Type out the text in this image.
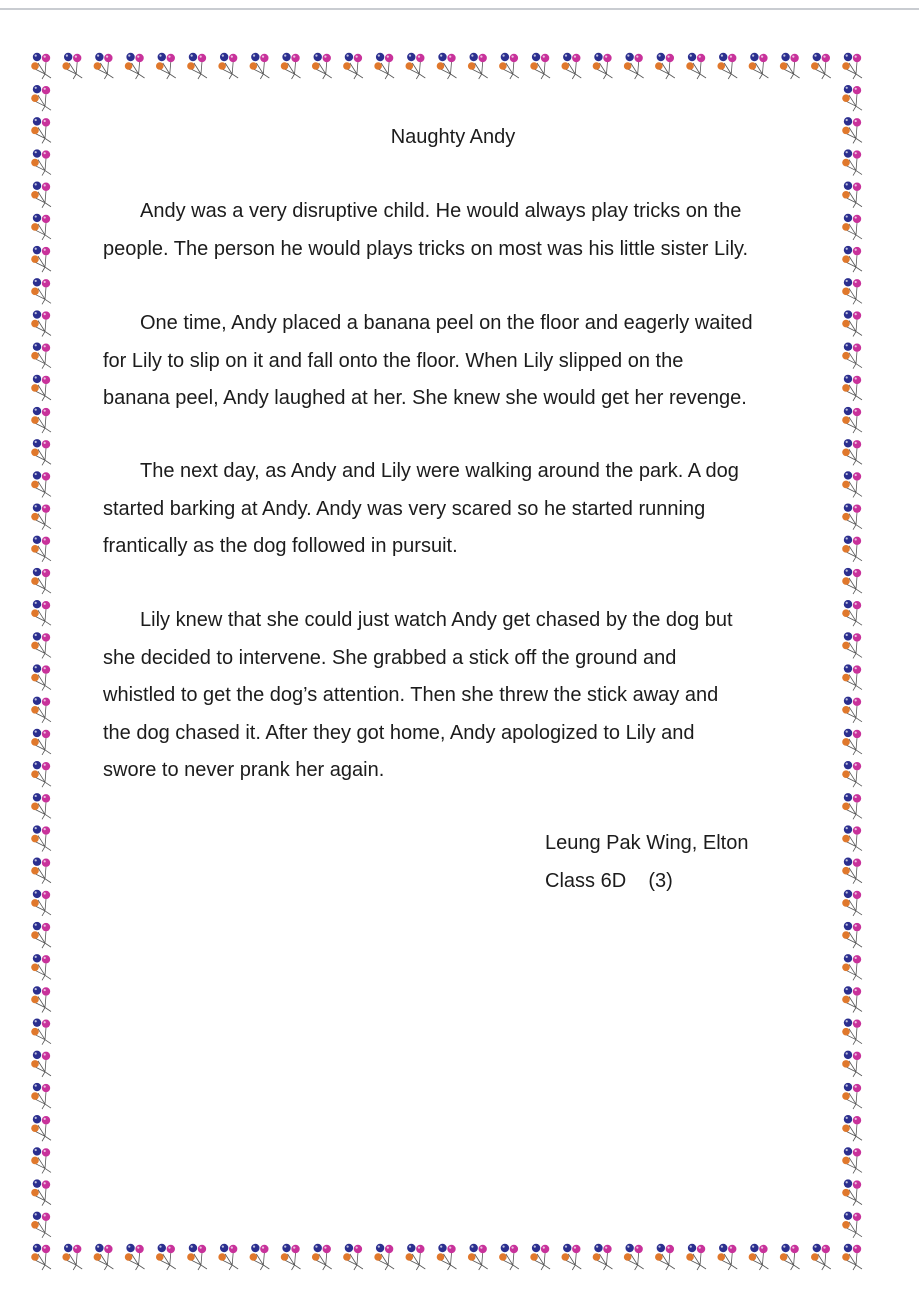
Naughty Andy

Andy was a very disruptive child. He would always play tricks on the
people. The person he would plays tricks on most was his little sister Lily.

One time, Andy placed a banana peel on the floor and eagerly waited
for Lily to slip on it and fall onto the floor. When Lily slipped on the
banana peel, Andy laughed at her. She knew she would get her revenge.

The next day, as Andy and Lily were walking around the park. A dog
started barking at Andy. Andy was very scared so he started running
frantically as the dog followed in pursuit.

Lily knew that she could just watch Andy get chased by the dog but
she decided to intervene. She grabbed a stick off the ground and
whistled to get the dog’s attention. Then she threw the stick away and
the dog chased it. After they got home, Andy apologized to Lily and
swore to never prank her again.

Leung Pak Wing, Elton
Class 6D    (3)
